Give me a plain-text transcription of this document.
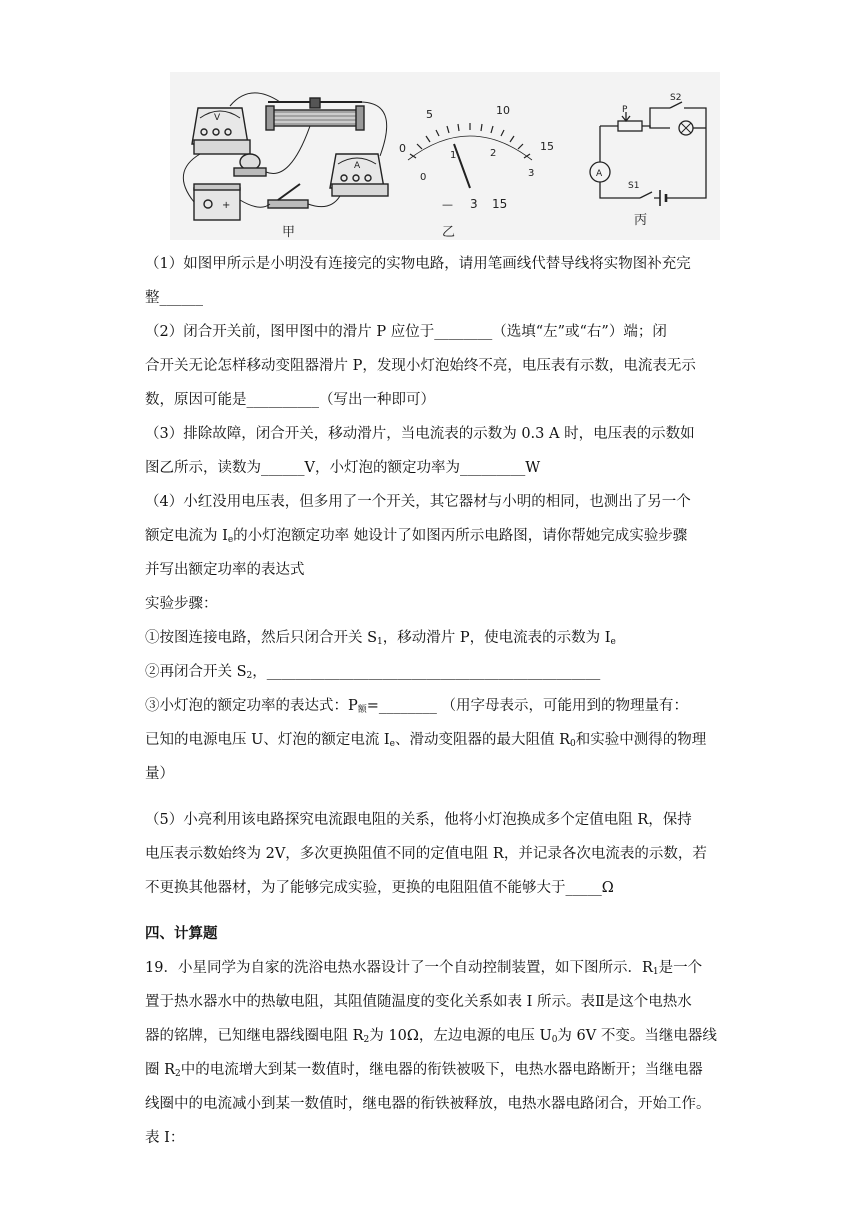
V
A
+
甲
0
5	10
15
0
1	2
3
— 3 15
乙
P
S2
S1
A
丙
（1）如图甲所示是小明没有连接完的实物电路，请用笔画线代替导线将实物图补充完
整______
（2）闭合开关前，图甲图中的滑片 P 应位于________（选填“左”或“右”）端；闭
合开关无论怎样移动变阻器滑片 P，发现小灯泡始终不亮，电压表有示数，电流表无示
数，原因可能是__________（写出一种即可）
（3）排除故障，闭合开关，移动滑片，当电流表的示数为 0.3 A 时，电压表的示数如
图乙所示，读数为______V，小灯泡的额定功率为_________W
（4）小红没用电压表，但多用了一个开关，其它器材与小明的相同，也测出了另一个
额定电流为 $I_e$的小灯泡额定功率 她设计了如图丙所示电路图，请你帮她完成实验步骤
并写出额定功率的表达式
实验步骤：
①按图连接电路，然后只闭合开关 $S_1$，移动滑片 P，使电流表的示数为 $I_e$
②再闭合开关 $S_2$，______________________________________________
③小灯泡的额定功率的表达式：$P_额=\_\_\_\_\_\_\_\_$ （用字母表示，可能用到的物理量有：
已知的电源电压 U、灯泡的额定电流 $I_e$、滑动变阻器的最大阻值 $R_0$和实验中测得的物理
量）
（5）小亮利用该电路探究电流跟电阻的关系，他将小灯泡换成多个定值电阻 R，保持
电压表示数始终为 2V，多次更换阻值不同的定值电阻 R，并记录各次电流表的示数，若
不更换其他器材，为了能够完成实验，更换的电阻阻值不能够大于_____Ω
四、计算题
19．小星同学为自家的洗浴电热水器设计了一个自动控制装置，如下图所示．$R_1$是一个
置于热水器水中的热敏电阻，其阻值随温度的变化关系如表 I 所示。表Ⅱ是这个电热水
器的铭牌，已知继电器线圈电阻 $R_2$为 10Ω，左边电源的电压 $U_0$为 6V 不变。当继电器线
圈 $R_2$中的电流增大到某一数值时，继电器的衔铁被吸下，电热水器电路断开；当继电器
线圈中的电流减小到某一数值时，继电器的衔铁被释放，电热水器电路闭合，开始工作。
表 I：
